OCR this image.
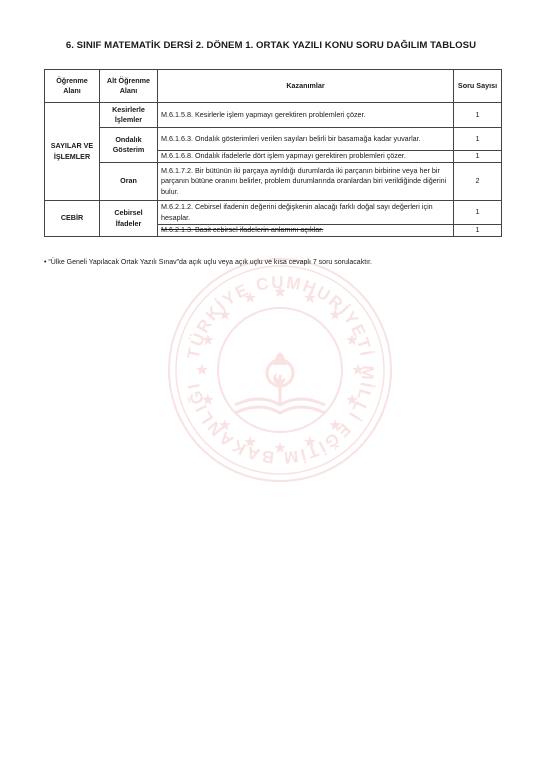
TÜRKİYE CUMHURİYETİ MİLLİ EĞİTİM BAKANLIĞI
6. SINIF MATEMATİK DERSİ 2. DÖNEM 1. ORTAK YAZILI KONU SORU DAĞILIM TABLOSU
Öğrenme Alanı	Alt Öğrenme Alanı	Kazanımlar	Soru Sayısı
SAYILAR VE İŞLEMLER	Kesirlerle İşlemler	M.6.1.5.8. Kesirlerle işlem yapmayı gerektiren problemleri çözer.	1
	Ondalık Gösterim	M.6.1.6.3. Ondalık gösterimleri verilen sayıları belirli bir basamağa kadar yuvarlar.	1
		M.6.1.6.8. Ondalık ifadelerle dört işlem yapmayı gerektiren problemleri çözer.	1
	Oran	M.6.1.7.2. Bir bütünün iki parçaya ayrıldığı durumlarda iki parçanın birbirine veya her bir parçanın bütüne oranını belirler, problem durumlarında oranlardan biri verildiğinde diğerini bulur.	2
CEBİR	Cebirsel İfadeler	M.6.2.1.2. Cebirsel ifadenin değerini değişkenin alacağı farklı doğal sayı değerleri için hesaplar.	1
		M.6.2.1.3. Basit cebirsel ifadelerin anlamını açıklar.	1
• “Ülke Geneli Yapılacak Ortak Yazılı Sınav”da açık uçlu veya açık uçlu ve kısa cevaplı 7 soru sorulacaktır.
